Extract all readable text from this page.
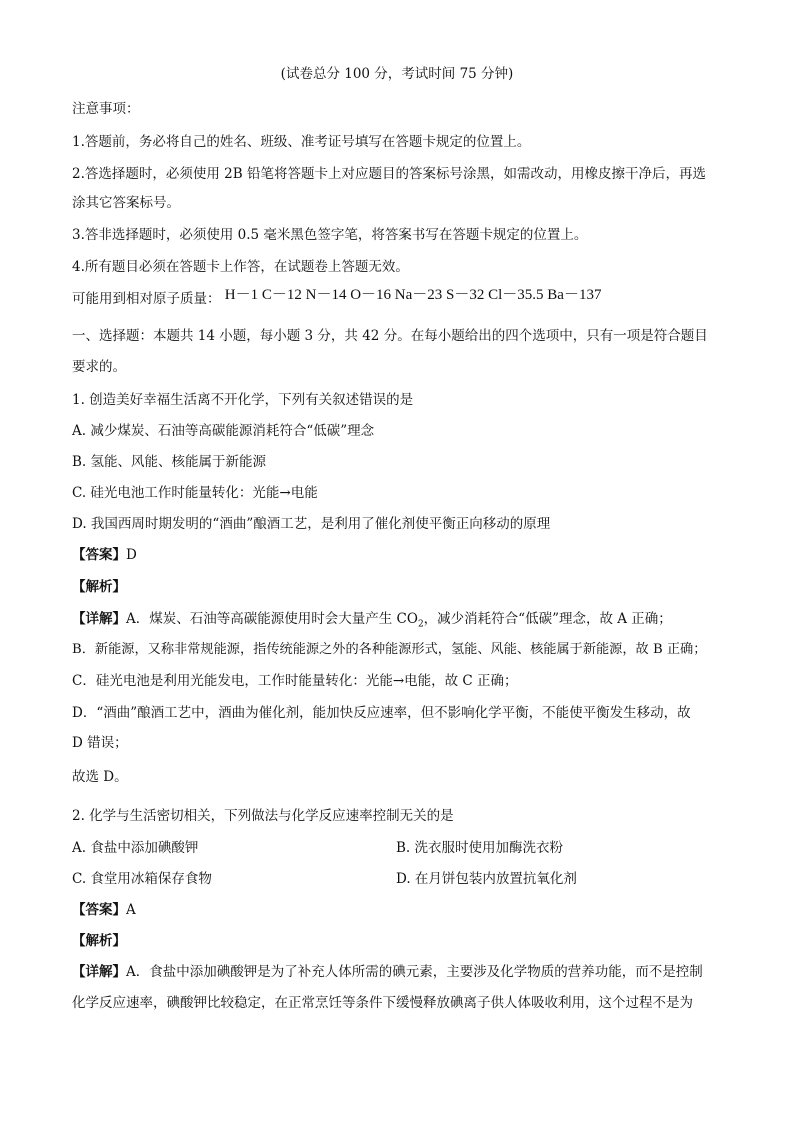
(试卷总分 100 分，考试时间 75 分钟)
注意事项：
1.答题前，务必将自己的姓名、班级、准考证号填写在答题卡规定的位置上。
2.答选择题时，必须使用 2B 铅笔将答题卡上对应题目的答案标号涂黑，如需改动，用橡皮擦干净后，再选
涂其它答案标号。
3.答非选择题时，必须使用 0.5 毫米黑色签字笔，将答案书写在答题卡规定的位置上。
4.所有题目必须在答题卡上作答，在试题卷上答题无效。
可能用到相对原子质量： H－1 C－12 N－14 O－16 Na－23 S－32 Cl－35.5 Ba－137
一、选择题：本题共 14 小题，每小题 3 分，共 42 分。在每小题给出的四个选项中，只有一项是符合题目
要求的。
1. 创造美好幸福生活离不开化学，下列有关叙述错误的是
A. 减少煤炭、石油等高碳能源消耗符合“低碳”理念
B. 氢能、风能、核能属于新能源
C. 硅光电池工作时能量转化：光能→电能
D. 我国西周时期发明的“酒曲”酿酒工艺，是利用了催化剂使平衡正向移动的原理
【答案】D
【解析】
【详解】A．煤炭、石油等高碳能源使用时会大量产生 $CO_2$，减少消耗符合“低碳”理念，故 A 正确；
B．新能源，又称非常规能源，指传统能源之外的各种能源形式，氢能、风能、核能属于新能源，故 B 正确；
C．硅光电池是利用光能发电，工作时能量转化：光能→电能，故 C 正确；
D．“酒曲”酿酒工艺中，酒曲为催化剂，能加快反应速率，但不影响化学平衡，不能使平衡发生移动，故
D 错误；
故选 D。
2. 化学与生活密切相关，下列做法与化学反应速率控制无关的是
A. 食盐中添加碘酸钾	B. 洗衣服时使用加酶洗衣粉
C. 食堂用冰箱保存食物	D. 在月饼包装内放置抗氧化剂
【答案】A
【解析】
【详解】A．食盐中添加碘酸钾是为了补充人体所需的碘元素，主要涉及化学物质的营养功能，而不是控制
化学反应速率，碘酸钾比较稳定，在正常烹饪等条件下缓慢释放碘离子供人体吸收利用，这个过程不是为
